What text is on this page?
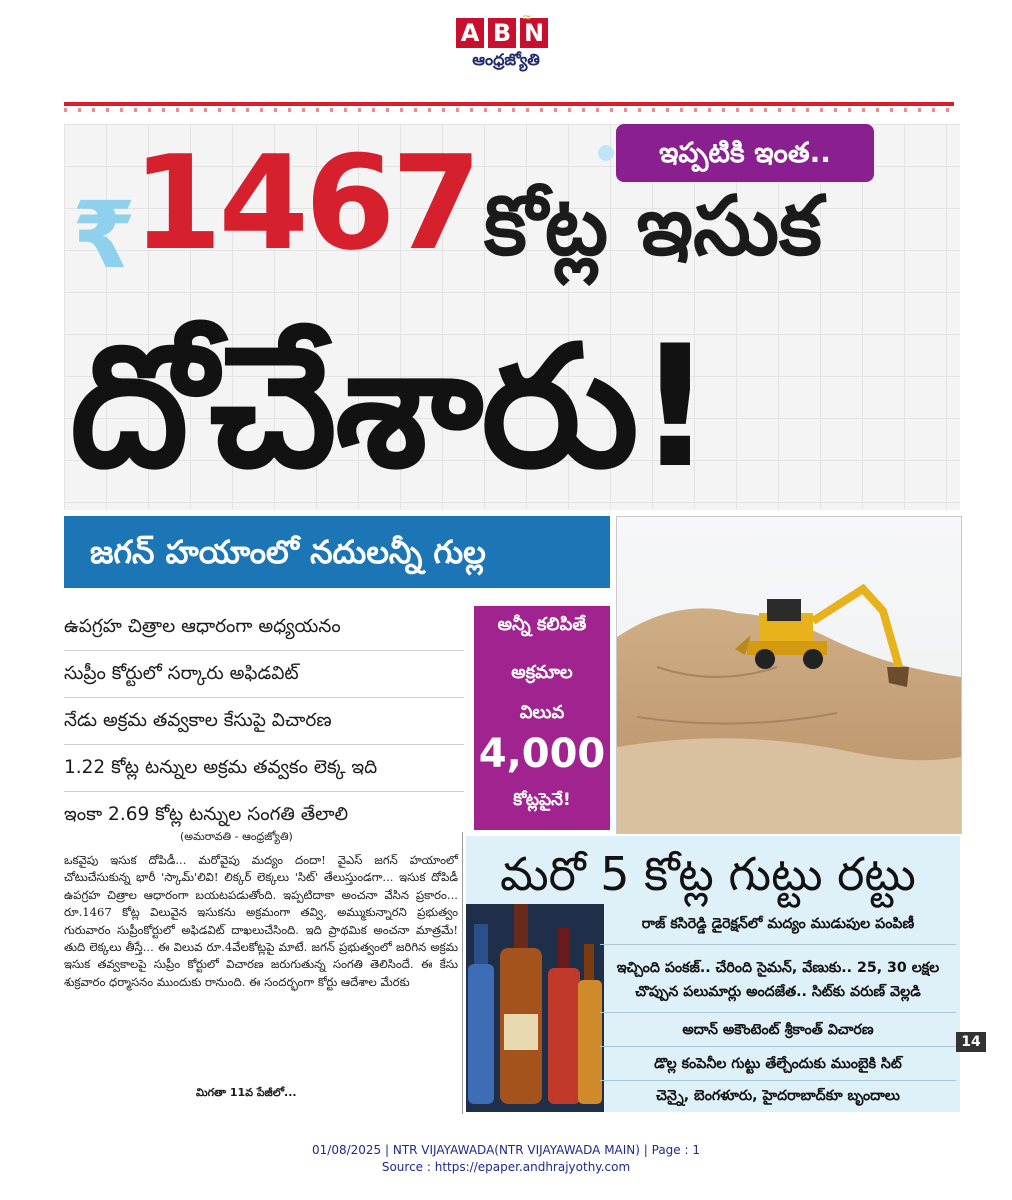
≈
A B N
ఆంధ్రజ్యోతి
ఇప్పటికి ఇంత..
₹
1467 కోట్ల ఇసుక
దోచేశారు!
జగన్ హయాంలో నదులన్నీ గుల్ల
ఉపగ్రహ చిత్రాల ఆధారంగా అధ్యయనం
సుప్రీం కోర్టులో సర్కారు అఫిడవిట్
నేడు అక్రమ తవ్వకాల కేసుపై విచారణ
1.22 కోట్ల టన్నుల అక్రమ తవ్వకం లెక్క ఇది
ఇంకా 2.69 కోట్ల టన్నుల సంగతి తేలాలి
అన్నీ కలిపితే
అక్రమాల
విలువ
4,000
కోట్లపైనే!
(అమరావతి - ఆంధ్రజ్యోతి)
ఒకవైపు ఇసుక దోపిడీ... మరోవైపు మద్యం దందా! వైఎస్ జగన్ హయాంలో చోటుచేసుకున్న భారీ 'స్కామ్'లివి! లిక్కర్ లెక్కలు 'సిట్' తేలుస్తుండగా... ఇసుక దోపిడీ ఉపగ్రహ చిత్రాల ఆధారంగా బయటపడుతోంది. ఇప్పటిదాకా అంచనా వేసిన ప్రకారం... రూ.1467 కోట్ల విలువైన ఇసుకను అక్రమంగా తవ్వి, అమ్ముకున్నారని ప్రభుత్వం గురువారం సుప్రీంకోర్టులో అఫిడవిట్ దాఖలుచేసింది. ఇది ప్రాథమిక అంచనా మాత్రమే! తుది లెక్కలు తీస్తే... ఈ విలువ రూ.4వేలకోట్లపై మాటే. జగన్ ప్రభుత్వంలో జరిగిన అక్రమ ఇసుక తవ్వకాలపై సుప్రీం కోర్టులో విచారణ జరుగుతున్న సంగతి తెలిసిందే. ఈ కేసు శుక్రవారం ధర్మాసనం ముందుకు రానుంది. ఈ సందర్భంగా కోర్టు ఆదేశాల మేరకు
మిగతా 11వ పేజీలో...
మరో 5 కోట్ల గుట్టు రట్టు
రాజ్ కసిరెడ్డి డైరెక్షన్‌లో మద్యం ముడుపుల పంపిణీ
ఇచ్చింది పంకజ్.. చేరింది సైమన్, వేణుకు.. 25, 30 లక్షల
చొప్పున పలుమార్లు అందజేత.. సిట్‌కు వరుణ్ వెల్లడి
అదాన్ అకౌంటెంట్ శ్రీకాంత్ విచారణ
డొల్ల కంపెనీల గుట్టు తేల్చేందుకు ముంబైకి సిట్
చెన్నై, బెంగళూరు, హైదరాబాద్‌కూ బృందాలు
14
01/08/2025 | NTR VIJAYAWADA(NTR VIJAYAWADA MAIN) | Page : 1
Source : https://epaper.andhrajyothy.com
